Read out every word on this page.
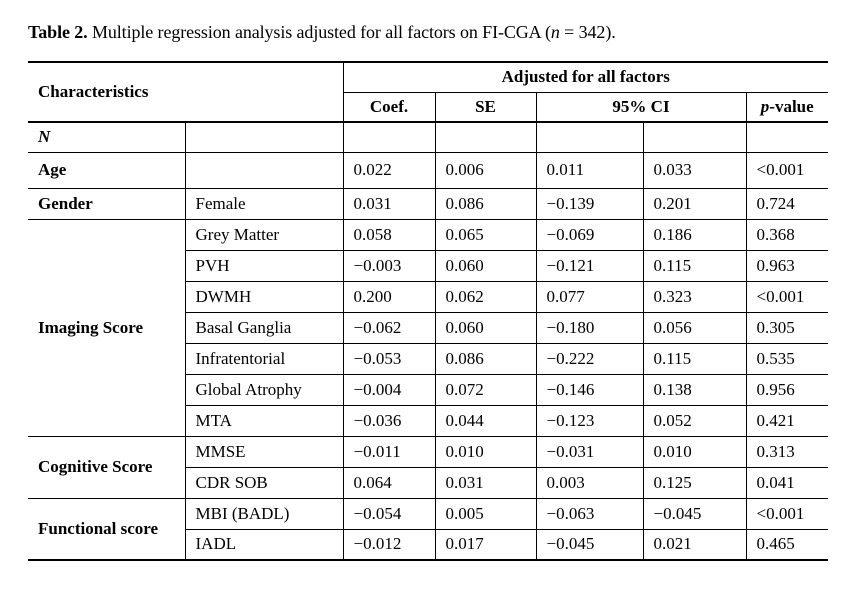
Table 2. Multiple regression analysis adjusted for all factors on FI-CGA (n = 342).

Characteristics		Adjusted for all factors				
		Coef.	SE	95% CI		p-value
N						
Age		0.022	0.006	0.011	0.033	<0.001
Gender	Female	0.031	0.086	−0.139	0.201	0.724
Imaging Score	Grey Matter	0.058	0.065	−0.069	0.186	0.368
	PVH	−0.003	0.060	−0.121	0.115	0.963
	DWMH	0.200	0.062	0.077	0.323	<0.001
	Basal Ganglia	−0.062	0.060	−0.180	0.056	0.305
	Infratentorial	−0.053	0.086	−0.222	0.115	0.535
	Global Atrophy	−0.004	0.072	−0.146	0.138	0.956
	MTA	−0.036	0.044	−0.123	0.052	0.421
Cognitive Score	MMSE	−0.011	0.010	−0.031	0.010	0.313
	CDR SOB	0.064	0.031	0.003	0.125	0.041
Functional score	MBI (BADL)	−0.054	0.005	−0.063	−0.045	<0.001
	IADL	−0.012	0.017	−0.045	0.021	0.465
